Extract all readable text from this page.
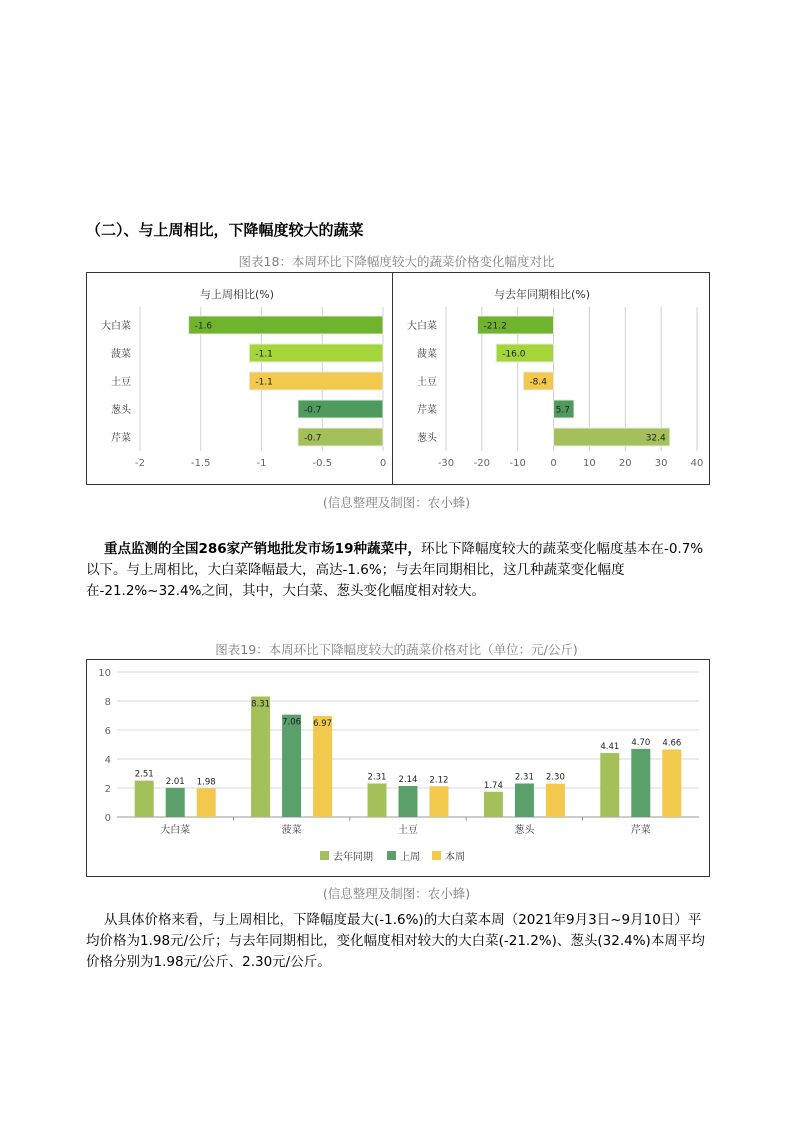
（二）、与上周相比，下降幅度较大的蔬菜
图表18：本周环比下降幅度较大的蔬菜价格变化幅度对比
与上周相比(%)
-2	-1.5	-1	-0.5	0
大白菜	-1.6
菠菜	-1.1
土豆	-1.1
葱头	-0.7
芹菜	-0.7
与去年同期相比(%)
-30 -20 -10 0	10 20 30 40
大白菜	-21.2
菠菜	-16.0
土豆	-8.4
芹菜	5.7
葱头	32.4
(信息整理及制图：农小蜂)
重点监测的全国286家产销地批发市场19种蔬菜中，环比下降幅度较大的蔬菜变化幅度基本在-0.7%以下。与上周相比，大白菜降幅最大，高达-1.6%；与去年同期相比，这几种蔬菜变化幅度在-21.2%~32.4%之间，其中，大白菜、葱头变化幅度相对较大。
图表19：本周环比下降幅度较大的蔬菜价格对比（单位：元/公斤)
0
2
4
6
8
10
大白菜
2.51
2.01 1.98
菠菜
8.31
7.06 6.97
土豆
2.31 2.14 2.12
葱头
1.74
2.31 2.30
芹菜
4.41 4.70 4.66
去年同期	上周	本周
(信息整理及制图：农小蜂)
从具体价格来看，与上周相比，下降幅度最大(-1.6%)的大白菜本周（2021年9月3日~9月10日）平均价格为1.98元/公斤；与去年同期相比，变化幅度相对较大的大白菜(-21.2%)、葱头(32.4%)本周平均价格分别为1.98元/公斤、2.30元/公斤。
